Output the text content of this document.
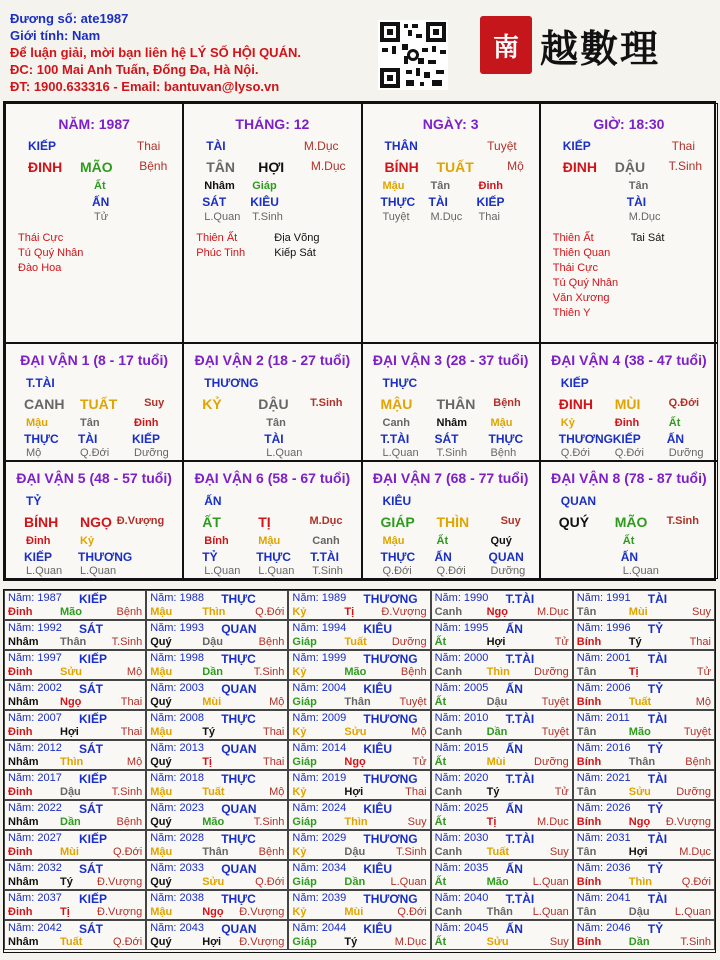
Đương số: ate1987
Giới tính: Nam
Để luận giải, mời bạn liên hệ LÝ SỐ HỘI QUÁN.
ĐC: 100 Mai Anh Tuấn, Đống Đa, Hà Nội.
ĐT: 1900.633316 - Email: bantuvan@lyso.vn
南 越數理
NĂM: 1987
KIẾP	Thai
ĐINH MÃO Bệnh
Ất
ẤN
Tử
Thái Cực
Tú Quý Nhân
Đào Hoa
THÁNG: 12
TÀI	M.Dục
TÂN HỢI M.Dục
Nhâm
SÁT
L.Quan
Giáp
KIÊU
T.Sinh
Thiên Ất
Phúc Tinh
Địa Võng
Kiếp Sát
NGÀY: 3
THÂN	Tuyệt
BÍNH TUẤT	Mộ
Mậu
THỰC
Tuyệt
Tân
TÀI
M.Dục
Đinh
KIẾP
Thai
GIỜ: 18:30
KIẾP	Thai
ĐINH DẬU T.Sinh
Tân
TÀI
M.Dục
Thiên Ất
Thiên Quan
Thái Cực
Tú Quý Nhân
Văn Xương
Thiên Y
Tai Sát
ĐẠI VẬN 1 (8 - 17 tuổi)
T.TÀI
CANH TUẤT Suy
Mậu
THỰC
Mộ
Tân
TÀI
Q.Đới
Đinh
KIẾP
Dưỡng
ĐẠI VẬN 2 (18 - 27 tuổi)
THƯƠNG
KỶ	DẬU T.Sinh
Tân
TÀI
L.Quan
ĐẠI VẬN 3 (28 - 37 tuổi)
THỰC
MẬU THÂN Bệnh
Canh
T.TÀI
L.Quan
Nhâm
SÁT
T.Sinh
Mậu
THỰC
Bệnh
ĐẠI VẬN 4 (38 - 47 tuổi)
KIẾP
ĐINH MÙI	Q.Đới
Kỷ
THƯƠNG
Q.Đới
Đinh
KIẾP
Q.Đới
Ất
ẤN
Dưỡng
ĐẠI VẬN 5 (48 - 57 tuổi)
TỶ
BÍNH NGỌ Đ.Vượng
Đinh
KIẾP
L.Quan
Kỷ
THƯƠNG
L.Quan
ĐẠI VẬN 6 (58 - 67 tuổi)
ẤN
ẤT	TỊ	M.Dục
Bính
TỶ
L.Quan
Mậu
THỰC
L.Quan
Canh
T.TÀI
T.Sinh
ĐẠI VẬN 7 (68 - 77 tuổi)
KIÊU
GIÁP THÌN	Suy
Mậu
THỰC
Q.Đới
Ất
ẤN
Q.Đới
Quý
QUAN
Dưỡng
ĐẠI VẬN 8 (78 - 87 tuổi)
QUAN
QUÝ MÃO T.Sinh
Ất
ẤN
L.Quan
Năm: 1987 KIẾP
Đinh	Mão	Bệnh
Năm: 1988 THỰC
Mậu	Thìn	Q.Đới
Năm: 1989 THƯƠNG
Kỷ	Tị Đ.Vượng
Năm: 1990 T.TÀI
Canh Ngọ	M.Dục
Năm: 1991 TÀI
Tân	Mùi	Suy
Năm: 1992 SÁT
Nhâm Thân T.Sinh
Năm: 1993 QUAN
Quý	Dậu	Bệnh
Năm: 1994 KIÊU
Giáp	Tuất Dưỡng
Năm: 1995 ẤN
Ất	Hợi	Tử
Năm: 1996 TỶ
Bính	Tý	Thai
Năm: 1997 KIẾP
Đinh	Sửu	Mộ
Năm: 1998 THỰC
Mậu	Dần	T.Sinh
Năm: 1999 THƯƠNG
Kỷ	Mão	Bệnh
Năm: 2000 T.TÀI
Canh Thìn Dưỡng
Năm: 2001 TÀI
Tân	Tị	Tử
Năm: 2002 SÁT
Nhâm Ngọ	Thai
Năm: 2003 QUAN
Quý	Mùi	Mộ
Năm: 2004 KIÊU
Giáp	Thân	Tuyệt
Năm: 2005 ẤN
Ất	Dậu	Tuyệt
Năm: 2006 TỶ
Bính	Tuất	Mộ
Năm: 2007 KIẾP
Đinh	Hợi	Thai
Năm: 2008 THỰC
Mậu	Tý	Thai
Năm: 2009 THƯƠNG
Kỷ	Sửu	Mộ
Năm: 2010 T.TÀI
Canh Dần	Tuyệt
Năm: 2011 TÀI
Tân	Mão	Tuyệt
Năm: 2012 SÁT
Nhâm Thìn	Mộ
Năm: 2013 QUAN
Quý	Tị	Thai
Năm: 2014 KIÊU
Giáp	Ngọ	Tử
Năm: 2015 ẤN
Ất	Mùi	Dưỡng
Năm: 2016 TỶ
Bính	Thân	Bệnh
Năm: 2017 KIẾP
Đinh	Dậu	T.Sinh
Năm: 2018 THỰC
Mậu	Tuất	Mộ
Năm: 2019 THƯƠNG
Kỷ	Hợi	Thai
Năm: 2020 T.TÀI
Canh Tý	Tử
Năm: 2021 TÀI
Tân	Sửu Dưỡng
Năm: 2022 SÁT
Nhâm Dần	Bệnh
Năm: 2023 QUAN
Quý	Mão	T.Sinh
Năm: 2024 KIÊU
Giáp	Thìn	Suy
Năm: 2025 ẤN
Ất	Tị	M.Dục
Năm: 2026 TỶ
Bính	Ngọ Đ.Vượng
Năm: 2027 KIẾP
Đinh	Mùi	Q.Đới
Năm: 2028 THỰC
Mậu	Thân	Bệnh
Năm: 2029 THƯƠNG
Kỷ	Dậu	T.Sinh
Năm: 2030 T.TÀI
Canh Tuất	Suy
Năm: 2031 TÀI
Tân	Hợi	M.Dục
Năm: 2032 SÁT
Nhâm Tý Đ.Vượng
Năm: 2033 QUAN
Quý	Sửu	Q.Đới
Năm: 2034 KIÊU
Giáp	Dần L.Quan
Năm: 2035 ẤN
Ất	Mão L.Quan
Năm: 2036 TỶ
Bính	Thìn	Q.Đới
Năm: 2037 KIẾP
Đinh	Tị Đ.Vượng
Năm: 2038 THỰC
Mậu	Ngọ Đ.Vượng
Năm: 2039 THƯƠNG
Kỷ	Mùi	Q.Đới
Năm: 2040 T.TÀI
Canh Thân L.Quan
Năm: 2041 TÀI
Tân	Dậu L.Quan
Năm: 2042 SÁT
Nhâm Tuất	Q.Đới
Năm: 2043 QUAN
Quý	Hợi Đ.Vượng
Năm: 2044 KIÊU
Giáp	Tý	M.Dục
Năm: 2045 ẤN
Ất	Sửu	Suy
Năm: 2046 TỶ
Bính	Dần	T.Sinh
